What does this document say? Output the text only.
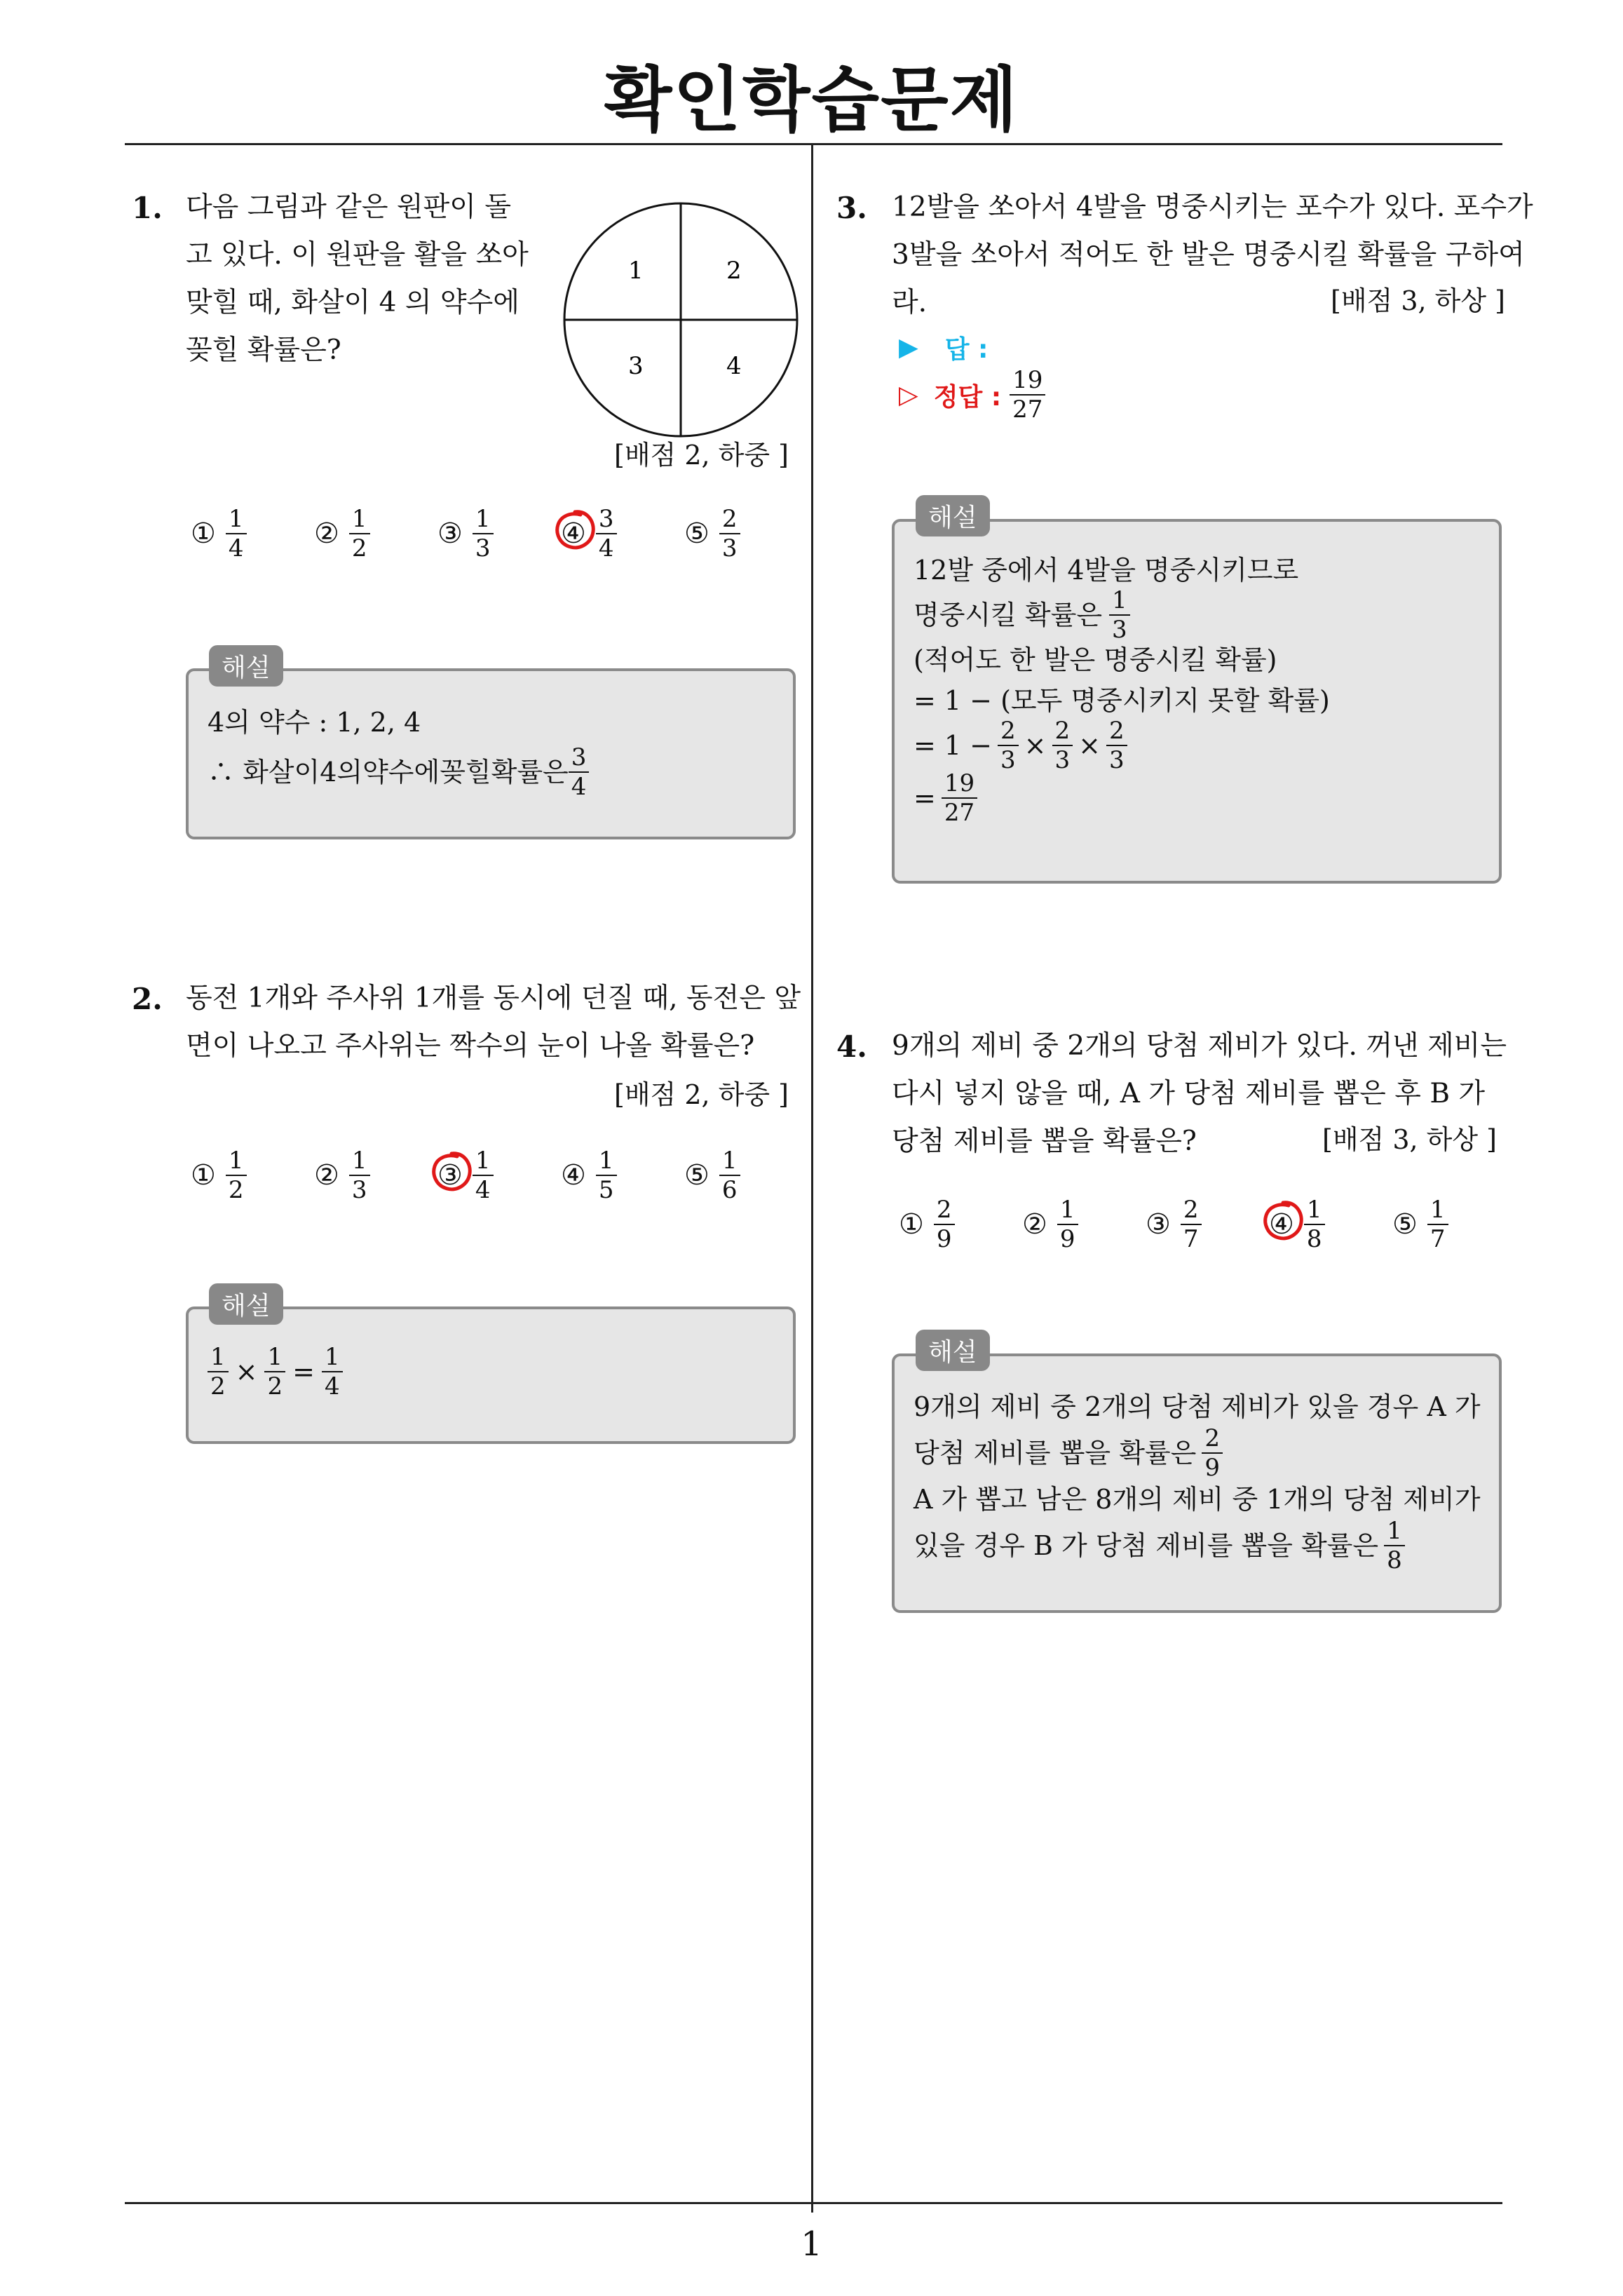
확인학습문제
1. 다음 그림과 같은 원판이 돌
고 있다. 이 원판을 활을 쏘아
맞힐 때, 화살이 4 의 약수에
꽂힐 확률은?
1	2
3	4
[배점 2, 하중 ]
① $\frac{1}{4}$ ② $\frac{1}{2}$ ③ $\frac{1}{3}$ ④ $\frac{3}{4}$ ⑤ $\frac{2}{3}$
해설
4의 약수 : 1, 2, 4
∴ 화살이4의약수에꽂힐확률은 $\frac{3}{4}$
2. 동전 1개와 주사위 1개를 동시에 던질 때, 동전은 앞
면이 나오고 주사위는 짝수의 눈이 나올 확률은?
[배점 2, 하중 ]
① $\frac{1}{2}$ ② $\frac{1}{3}$ ③ $\frac{1}{4}$ ④ $\frac{1}{5}$ ⑤ $\frac{1}{6}$
해설
$\frac{1}{2} \times \frac{1}{2} = \frac{1}{4}$
3. 12발을 쏘아서 4발을 명중시키는 포수가 있다. 포수가
3발을 쏘아서 적어도 한 발은 명중시킬 확률을 구하여
라.	[배점 3, 하상 ]
▶ 답 :
▷ 정답 : $\frac{19}{27}$
해설
12발 중에서 4발을 명중시키므로
명중시킬 확률은 $\frac{1}{3}$
(적어도 한 발은 명중시킬 확률)
= 1 − (모두 명중시키지 못할 확률)
= $1 - \frac{2}{3} \times \frac{2}{3} \times \frac{2}{3}$
= $\frac{19}{27}$
4. 9개의 제비 중 2개의 당첨 제비가 있다. 꺼낸 제비는
다시 넣지 않을 때, A 가 당첨 제비를 뽑은 후 B 가
당첨 제비를 뽑을 확률은?	[배점 3, 하상 ]
① $\frac{2}{9}$ ② $\frac{1}{9}$ ③ $\frac{2}{7}$ ④ $\frac{1}{8}$ ⑤ $\frac{1}{7}$
해설
9개의 제비 중 2개의 당첨 제비가 있을 경우 A 가
당첨 제비를 뽑을 확률은 $\frac{2}{9}$
A 가 뽑고 남은 8개의 제비 중 1개의 당첨 제비가
있을 경우 B 가 당첨 제비를 뽑을 확률은 $\frac{1}{8}$
1
